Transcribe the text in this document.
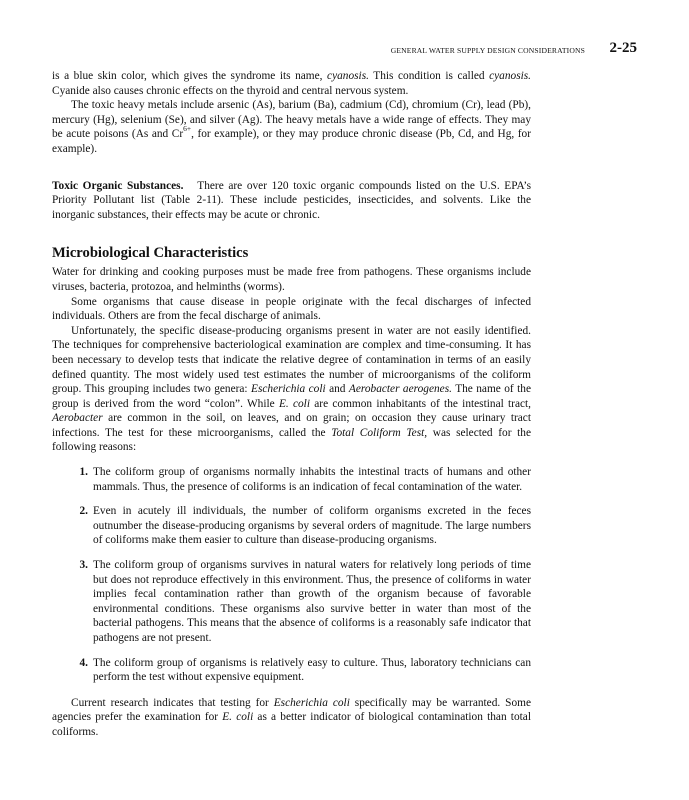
GENERAL WATER SUPPLY DESIGN CONSIDERATIONS 2-25

is a blue skin color, which gives the syndrome its name, cyanosis. This condition is called cyanosis. Cyanide also causes chronic effects on the thyroid and central nervous system.

The toxic heavy metals include arsenic (As), barium (Ba), cadmium (Cd), chromium (Cr), lead (Pb), mercury (Hg), selenium (Se), and silver (Ag). The heavy metals have a wide range of effects. They may be acute poisons (As and $Cr^{6+}$, for example), or they may produce chronic disease (Pb, Cd, and Hg, for example).

Toxic Organic Substances. There are over 120 toxic organic compounds listed on the U.S. EPA’s Priority Pollutant list (Table 2-11). These include pesticides, insecticides, and solvents. Like the inorganic substances, their effects may be acute or chronic.

Microbiological Characteristics

Water for drinking and cooking purposes must be made free from pathogens. These organisms include viruses, bacteria, protozoa, and helminths (worms).

Some organisms that cause disease in people originate with the fecal discharges of infected individuals. Others are from the fecal discharge of animals.

Unfortunately, the specific disease-producing organisms present in water are not easily identified. The techniques for comprehensive bacteriological examination are complex and time-consuming. It has been necessary to develop tests that indicate the relative degree of contamination in terms of an easily defined quantity. The most widely used test estimates the number of microorganisms of the coliform group. This grouping includes two genera: Escherichia coli and Aerobacter aerogenes. The name of the group is derived from the word “colon”. While E. coli are common inhabitants of the intestinal tract, Aerobacter are common in the soil, on leaves, and on grain; on occasion they cause urinary tract infections. The test for these microorganisms, called the Total Coliform Test, was selected for the following reasons:

1. The coliform group of organisms normally inhabits the intestinal tracts of humans and other mammals. Thus, the presence of coliforms is an indication of fecal contamination of the water.
2. Even in acutely ill individuals, the number of coliform organisms excreted in the feces outnumber the disease-producing organisms by several orders of magnitude. The large numbers of coliforms make them easier to culture than disease-producing organisms.
3. The coliform group of organisms survives in natural waters for relatively long periods of time but does not reproduce effectively in this environment. Thus, the presence of coliforms in water implies fecal contamination rather than growth of the organism because of favorable environmental conditions. These organisms also survive better in water than most of the bacterial pathogens. This means that the absence of coliforms is a reasonably safe indicator that pathogens are not present.
4. The coliform group of organisms is relatively easy to culture. Thus, laboratory technicians can perform the test without expensive equipment.

Current research indicates that testing for Escherichia coli specifically may be warranted. Some agencies prefer the examination for E. coli as a better indicator of biological contamination than total coliforms.
